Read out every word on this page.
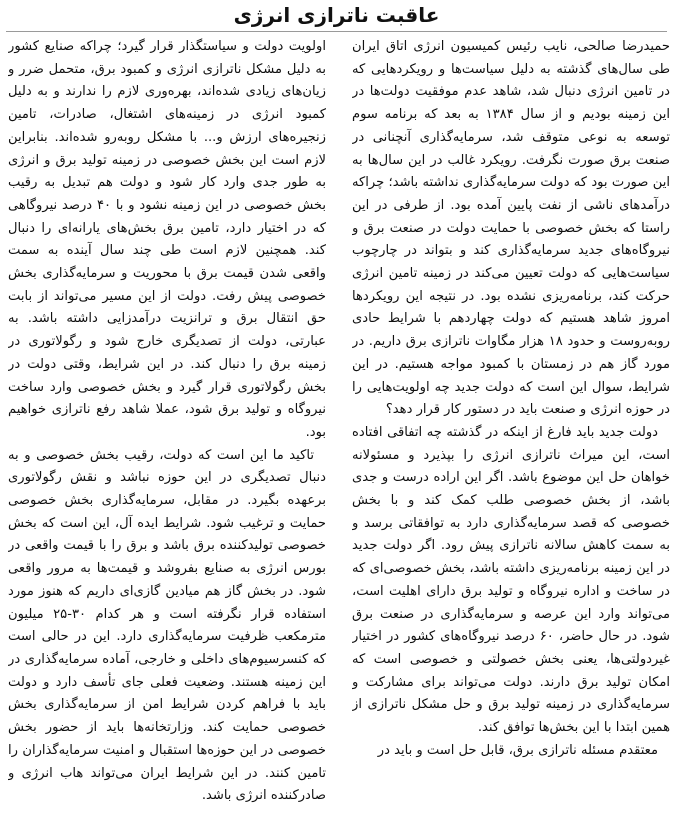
عاقبت ناترازی انرژی

حمیدرضا صالحی، نایب رئیس کمیسیون انرژی اتاق ایران طی سال‌های گذشته به دلیل سیاست‌ها و رویکردهایی که در تامین انرژی دنبال شد، شاهد عدم موفقیت دولت‌ها در این زمینه بودیم و از سال ۱۳۸۴ به بعد که برنامه سوم توسعه به نوعی متوقف شد، سرمایه‌گذاری آنچنانی در صنعت برق صورت نگرفت. رویکرد غالب در این سال‌ها به این صورت بود که دولت سرمایه‌گذاری نداشته باشد؛ چراکه درآمدهای ناشی از نفت پایین آمده بود. از طرفی در این راستا که بخش خصوصی با حمایت دولت در صنعت برق و نیروگاه‌های جدید سرمایه‌گذاری کند و بتواند در چارچوب سیاست‌هایی که دولت تعیین می‌کند در زمینه تامین انرژی حرکت کند، برنامه‌ریزی نشده بود. در نتیجه این رویکردها امروز شاهد هستیم که دولت چهاردهم با شرایط حادی روبه‌روست و حدود ۱۸ هزار مگاوات ناترازی برق داریم. در مورد گاز هم در زمستان با کمبود مواجه هستیم. در این شرایط، سوال این است که دولت جدید چه اولویت‌هایی را در حوزه انرژی و صنعت باید در دستور کار قرار دهد؟

دولت جدید باید فارغ از اینکه در گذشته چه اتفاقی افتاده است، این میراث ناترازی انرژی را بپذیرد و مسئولانه خواهان حل این موضوع باشد. اگر این اراده درست و جدی باشد، از بخش خصوصی طلب کمک کند و با بخش خصوصی که قصد سرمایه‌گذاری دارد به توافقاتی برسد و به سمت کاهش سالانه ناترازی پیش رود. اگر دولت جدید در این زمینه برنامه‌ریزی داشته باشد، بخش خصوصی‌ای که در ساخت و اداره نیروگاه و تولید برق دارای اهلیت است، می‌تواند وارد این عرصه و سرمایه‌گذاری در صنعت برق شود. در حال حاضر، ۶۰ درصد نیروگاه‌های کشور در اختیار غیردولتی‌ها، یعنی بخش خصولتی و خصوصی است که امکان تولید برق دارند. دولت می‌تواند برای مشارکت و سرمایه‌گذاری در زمینه تولید برق و حل مشکل ناترازی از همین ابتدا با این بخش‌ها توافق کند.

معتقدم مسئله ناترازی برق، قابل حل است و باید در

اولویت دولت و سیاستگذار قرار گیرد؛ چراکه صنایع کشور به دلیل مشکل ناترازی انرژی و کمبود برق، متحمل ضرر و زیان‌های زیادی شده‌اند، بهره‌وری لازم را ندارند و به دلیل کمبود انرژی در زمینه‌های اشتغال، صادرات، تامین زنجیره‌های ارزش و... با مشکل روبه‌رو شده‌اند. بنابراین لازم است این بخش خصوصی در زمینه تولید برق و انرژی به طور جدی وارد کار شود و دولت هم تبدیل به رقیب بخش خصوصی در این زمینه نشود و با ۴۰ درصد نیروگاهی که در اختیار دارد، تامین برق بخش‌های یارانه‌ای را دنبال کند. همچنین لازم است طی چند سال آینده به سمت واقعی شدن قیمت برق با محوریت و سرمایه‌گذاری بخش خصوصی پیش رفت. دولت از این مسیر می‌تواند از بابت حق انتقال برق و ترانزیت درآمدزایی داشته باشد. به عبارتی، دولت از تصدیگری خارج شود و رگولاتوری در زمینه برق را دنبال کند. در این شرایط، وقتی دولت در بخش رگولاتوری قرار گیرد و بخش خصوصی وارد ساخت نیروگاه و تولید برق شود، عملا شاهد رفع ناترازی خواهیم بود.

تاکید ما این است که دولت، رقیب بخش خصوصی و به دنبال تصدیگری در این حوزه نباشد و نقش رگولاتوری برعهده بگیرد. در مقابل، سرمایه‌گذاری بخش خصوصی حمایت و ترغیب شود. شرایط ایده آل، این است که بخش خصوصی تولیدکننده برق باشد و برق را با قیمت واقعی در بورس انرژی به صنایع بفروشد و قیمت‌ها به مرور واقعی شود. در بخش گاز هم میادین گازی‌ای داریم که هنوز مورد استفاده قرار نگرفته است و هر کدام ۳۰-۲۵ میلیون مترمکعب ظرفیت سرمایه‌گذاری دارد. این در حالی است که کنسرسیوم‌های داخلی و خارجی، آماده سرمایه‌گذاری در این زمینه هستند. وضعیت فعلی جای تأسف دارد و دولت باید با فراهم کردن شرایط امن از سرمایه‌گذاری بخش خصوصی حمایت کند. وزارتخانه‌ها باید از حضور بخش خصوصی در این حوزه‌ها استقبال و امنیت سرمایه‌گذاران را تامین کنند. در این شرایط ایران می‌تواند هاب انرژی و صادرکننده انرژی باشد.
